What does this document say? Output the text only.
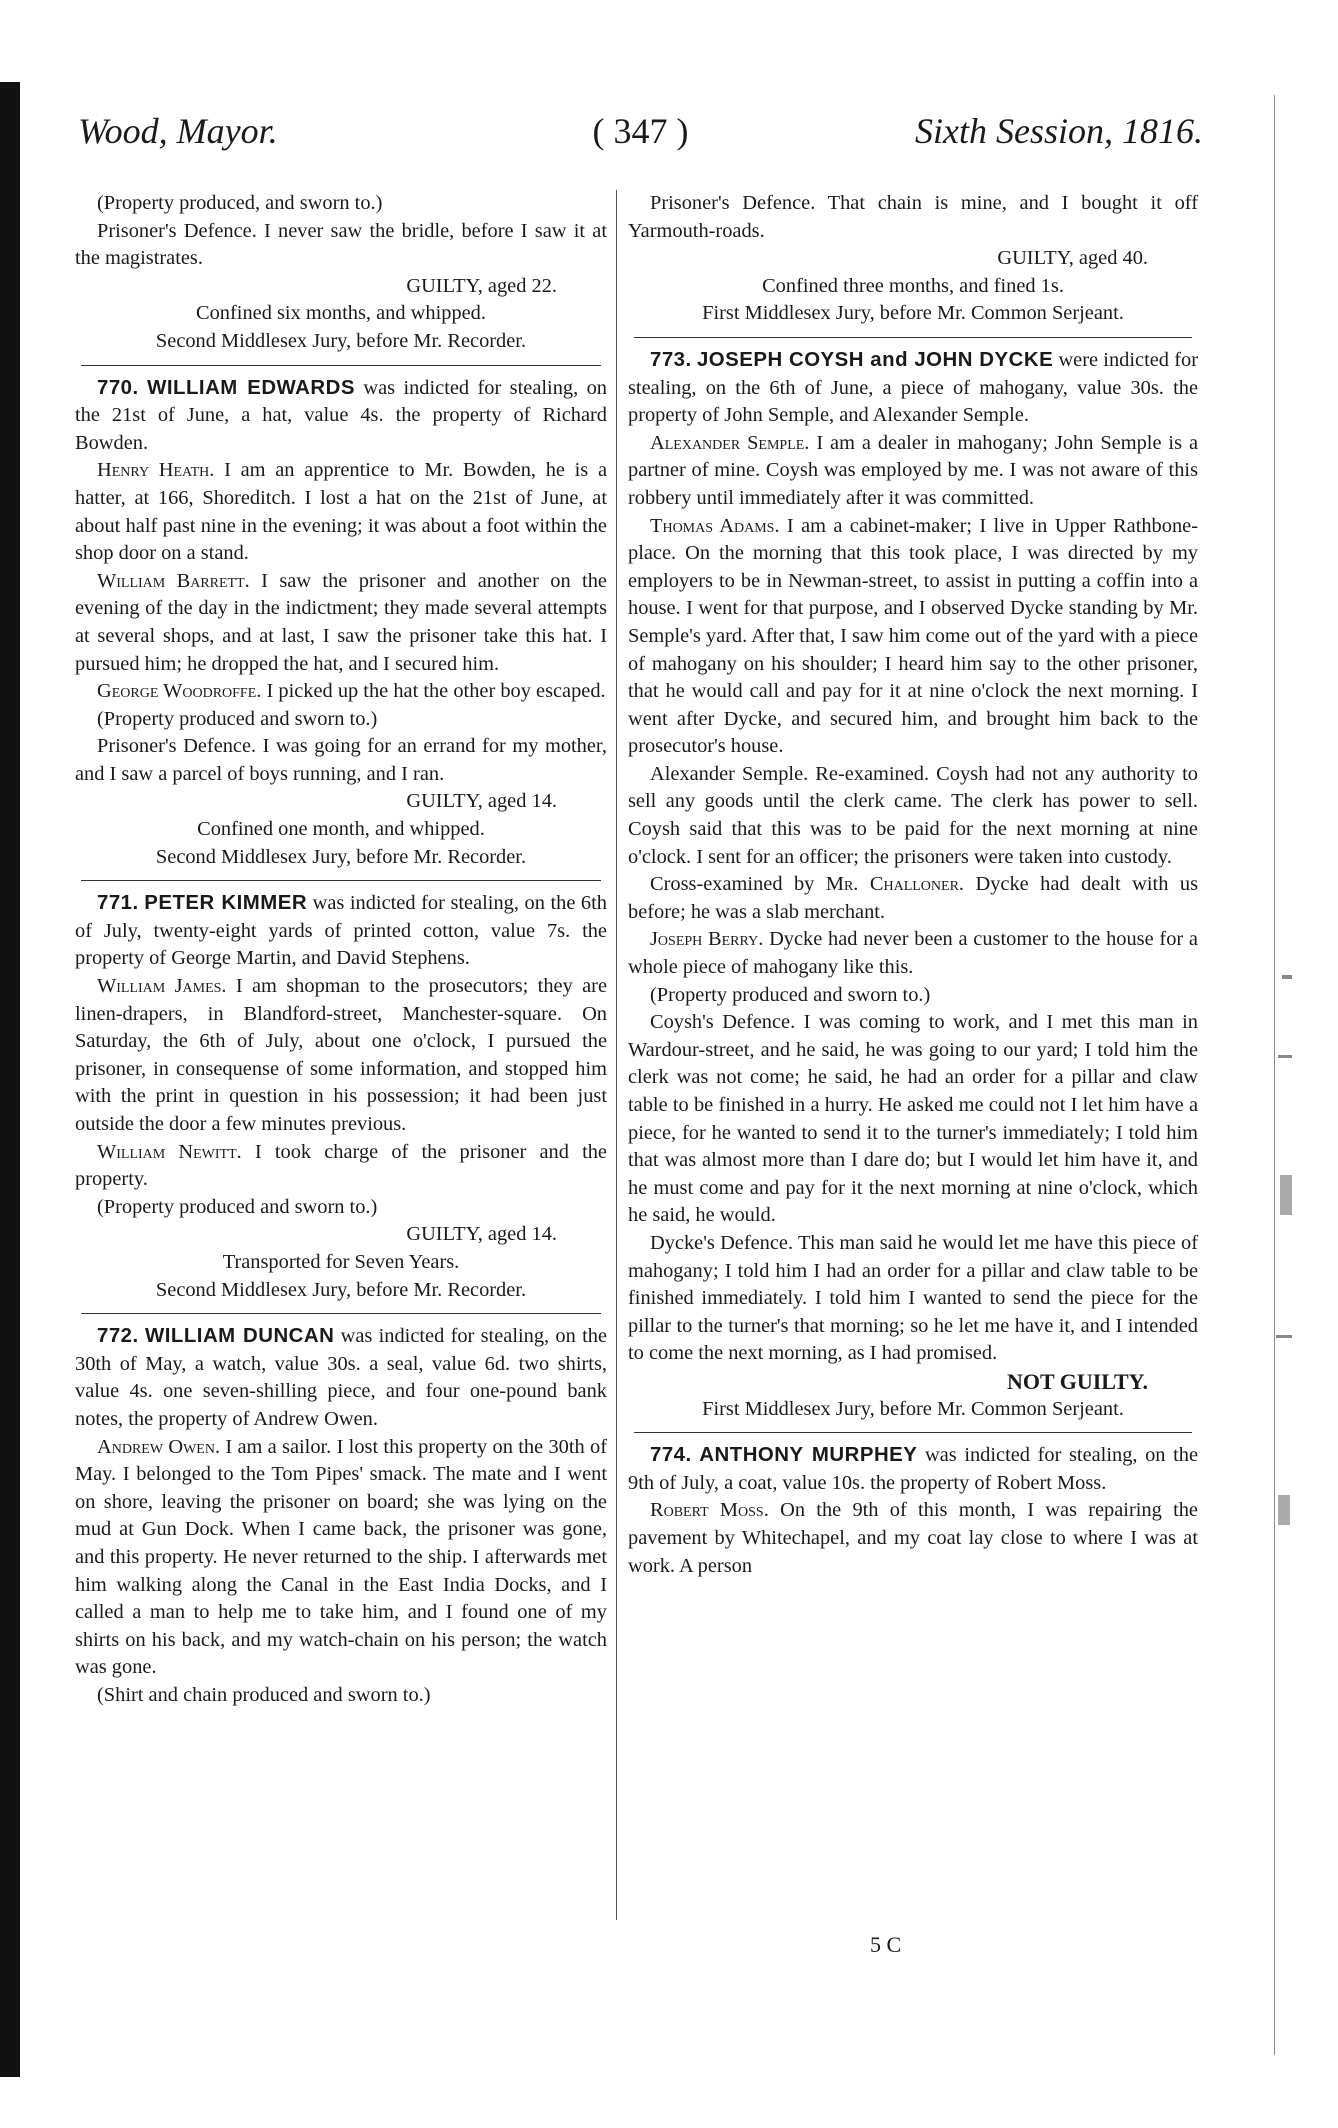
Wood, Mayor.	( 347 )	Sixth Session, 1816.

(Property produced, and sworn to.)

Prisoner's Defence. I never saw the bridle, before I saw it at the magistrates.

GUILTY, aged 22.

Confined six months, and whipped.

Second Middlesex Jury, before Mr. Recorder.

770. WILLIAM EDWARDS was indicted for stealing, on the 21st of June, a hat, value 4s. the property of Richard Bowden.

Henry Heath. I am an apprentice to Mr. Bowden, he is a hatter, at 166, Shoreditch. I lost a hat on the 21st of June, at about half past nine in the evening; it was about a foot within the shop door on a stand.

William Barrett. I saw the prisoner and another on the evening of the day in the indictment; they made several attempts at several shops, and at last, I saw the prisoner take this hat. I pursued him; he dropped the hat, and I secured him.

George Woodroffe. I picked up the hat the other boy escaped.

(Property produced and sworn to.)

Prisoner's Defence. I was going for an errand for my mother, and I saw a parcel of boys running, and I ran.

GUILTY, aged 14.

Confined one month, and whipped.

Second Middlesex Jury, before Mr. Recorder.

771. PETER KIMMER was indicted for stealing, on the 6th of July, twenty-eight yards of printed cotton, value 7s. the property of George Martin, and David Stephens.

William James. I am shopman to the prosecutors; they are linen-drapers, in Blandford-street, Manchester-square. On Saturday, the 6th of July, about one o'clock, I pursued the prisoner, in consequense of some information, and stopped him with the print in question in his possession; it had been just outside the door a few minutes previous.

William Newitt. I took charge of the prisoner and the property.

(Property produced and sworn to.)

GUILTY, aged 14.

Transported for Seven Years.

Second Middlesex Jury, before Mr. Recorder.

772. WILLIAM DUNCAN was indicted for stealing, on the 30th of May, a watch, value 30s. a seal, value 6d. two shirts, value 4s. one seven-shilling piece, and four one-pound bank notes, the property of Andrew Owen.

Andrew Owen. I am a sailor. I lost this property on the 30th of May. I belonged to the Tom Pipes' smack. The mate and I went on shore, leaving the prisoner on board; she was lying on the mud at Gun Dock. When I came back, the prisoner was gone, and this property. He never returned to the ship. I afterwards met him walking along the Canal in the East India Docks, and I called a man to help me to take him, and I found one of my shirts on his back, and my watch-chain on his person; the watch was gone.

(Shirt and chain produced and sworn to.)

Prisoner's Defence. That chain is mine, and I bought it off Yarmouth-roads.

GUILTY, aged 40.

Confined three months, and fined 1s.

First Middlesex Jury, before Mr. Common Serjeant.

773. JOSEPH COYSH and JOHN DYCKE were indicted for stealing, on the 6th of June, a piece of mahogany, value 30s. the property of John Semple, and Alexander Semple.

Alexander Semple. I am a dealer in mahogany; John Semple is a partner of mine. Coysh was employed by me. I was not aware of this robbery until immediately after it was committed.

Thomas Adams. I am a cabinet-maker; I live in Upper Rathbone-place. On the morning that this took place, I was directed by my employers to be in Newman-street, to assist in putting a coffin into a house. I went for that purpose, and I observed Dycke standing by Mr. Semple's yard. After that, I saw him come out of the yard with a piece of mahogany on his shoulder; I heard him say to the other prisoner, that he would call and pay for it at nine o'clock the next morning. I went after Dycke, and secured him, and brought him back to the prosecutor's house.

Alexander Semple. Re-examined. Coysh had not any authority to sell any goods until the clerk came. The clerk has power to sell. Coysh said that this was to be paid for the next morning at nine o'clock. I sent for an officer; the prisoners were taken into custody.

Cross-examined by Mr. Challoner. Dycke had dealt with us before; he was a slab merchant.

Joseph Berry. Dycke had never been a customer to the house for a whole piece of mahogany like this.

(Property produced and sworn to.)

Coysh's Defence. I was coming to work, and I met this man in Wardour-street, and he said, he was going to our yard; I told him the clerk was not come; he said, he had an order for a pillar and claw table to be finished in a hurry. He asked me could not I let him have a piece, for he wanted to send it to the turner's immediately; I told him that was almost more than I dare do; but I would let him have it, and he must come and pay for it the next morning at nine o'clock, which he said, he would.

Dycke's Defence. This man said he would let me have this piece of mahogany; I told him I had an order for a pillar and claw table to be finished immediately. I told him I wanted to send the piece for the pillar to the turner's that morning; so he let me have it, and I intended to come the next morning, as I had promised.

NOT GUILTY.

First Middlesex Jury, before Mr. Common Serjeant.

774. ANTHONY MURPHEY was indicted for stealing, on the 9th of July, a coat, value 10s. the property of Robert Moss.

Robert Moss. On the 9th of this month, I was repairing the pavement by Whitechapel, and my coat lay close to where I was at work. A person

5 C
